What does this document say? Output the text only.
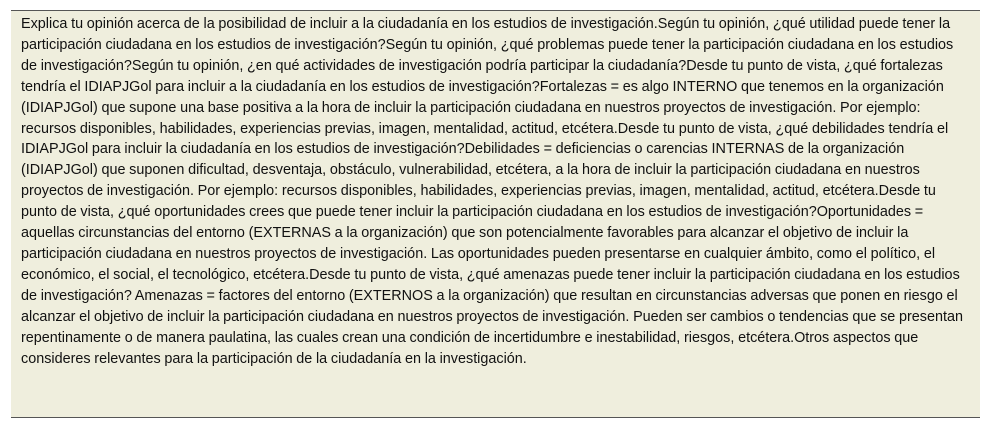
Explica tu opinión acerca de la posibilidad de incluir a la ciudadanía en los estudios de investigación.Según tu opinión, ¿qué utilidad puede tener la participación ciudadana en los estudios de investigación?Según tu opinión, ¿qué problemas puede tener la participación ciudadana en los estudios de investigación?Según tu opinión, ¿en qué actividades de investigación podría participar la ciudadanía?Desde tu punto de vista, ¿qué fortalezas tendría el IDIAPJGol para incluir a la ciudadanía en los estudios de investigación?Fortalezas = es algo INTERNO que tenemos en la organización (IDIAPJGol) que supone una base positiva a la hora de incluir la participación ciudadana en nuestros proyectos de investigación. Por ejemplo: recursos disponibles, habilidades, experiencias previas, imagen, mentalidad, actitud, etcétera.Desde tu punto de vista, ¿qué debilidades tendría el IDIAPJGol para incluir la ciudadanía en los estudios de investigación?Debilidades = deficiencias o carencias INTERNAS de la organización (IDIAPJGol) que suponen dificultad, desventaja, obstáculo, vulnerabilidad, etcétera, a la hora de incluir la participación ciudadana en nuestros proyectos de investigación. Por ejemplo: recursos disponibles, habilidades, experiencias previas, imagen, mentalidad, actitud, etcétera.Desde tu punto de vista, ¿qué oportunidades crees que puede tener incluir la participación ciudadana en los estudios de investigación?Oportunidades = aquellas circunstancias del entorno (EXTERNAS a la organización) que son potencialmente favorables para alcanzar el objetivo de incluir la participación ciudadana en nuestros proyectos de investigación. Las oportunidades pueden presentarse en cualquier ámbito, como el político, el económico, el social, el tecnológico, etcétera.Desde tu punto de vista, ¿qué amenazas puede tener incluir la participación ciudadana en los estudios de investigación? Amenazas = factores del entorno (EXTERNOS a la organización) que resultan en circunstancias adversas que ponen en riesgo el alcanzar el objetivo de incluir la participación ciudadana en nuestros proyectos de investigación. Pueden ser cambios o tendencias que se presentan repentinamente o de manera paulatina, las cuales crean una condición de incertidumbre e inestabilidad, riesgos, etcétera.Otros aspectos que consideres relevantes para la participación de la ciudadanía en la investigación.
